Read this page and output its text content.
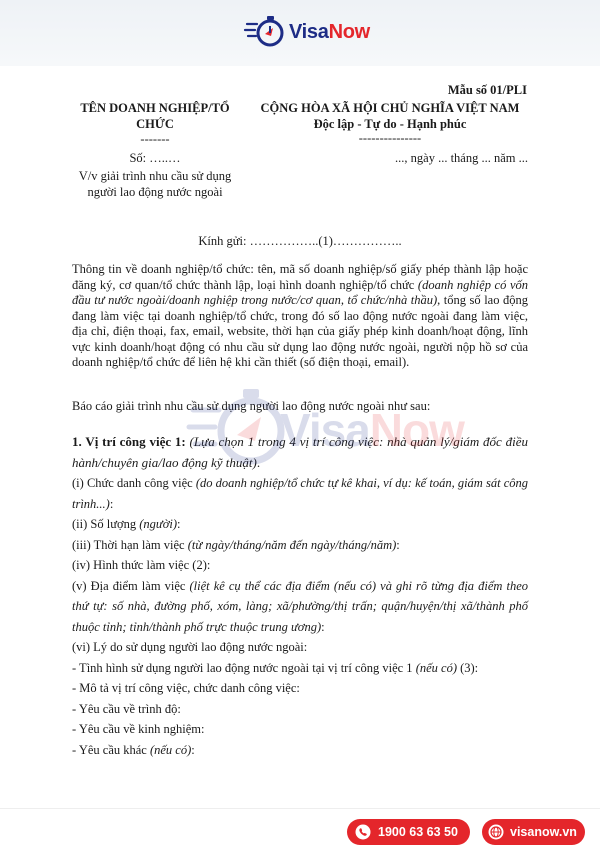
VisaNow
Mẫu số 01/PLI
TÊN DOANH NGHIỆP/TỔ CHỨC
-------
Số: …..…
V/v giải trình nhu cầu sử dụng
người lao động nước ngoài
CỘNG HÒA XÃ HỘI CHỦ NGHĨA VIỆT NAM
Độc lập - Tự do - Hạnh phúc
---------------
..., ngày ... tháng ... năm ...
Kính gửi: ……………..(1)……………..

Thông tin về doanh nghiệp/tổ chức: tên, mã số doanh nghiệp/số giấy phép thành lập hoặc đăng ký, cơ quan/tổ chức thành lập, loại hình doanh nghiệp/tổ chức (doanh nghiệp có vốn đầu tư nước ngoài/doanh nghiệp trong nước/cơ quan, tổ chức/nhà thầu), tổng số lao động đang làm việc tại doanh nghiệp/tổ chức, trong đó số lao động nước ngoài đang làm việc, địa chỉ, điện thoại, fax, email, website, thời hạn của giấy phép kinh doanh/hoạt động, lĩnh vực kinh doanh/hoạt động có nhu cầu sử dụng lao động nước ngoài, người nộp hồ sơ của doanh nghiệp/tổ chức để liên hệ khi cần thiết (số điện thoại, email).

Báo cáo giải trình nhu cầu sử dụng người lao động nước ngoài như sau:

1. Vị trí công việc 1: (Lựa chọn 1 trong 4 vị trí công việc: nhà quản lý/giám đốc điều hành/chuyên gia/lao động kỹ thuật).

(i) Chức danh công việc (do doanh nghiệp/tổ chức tự kê khai, ví dụ: kế toán, giám sát công trình...):

(ii) Số lượng (người):

(iii) Thời hạn làm việc (từ ngày/tháng/năm đến ngày/tháng/năm):

(iv) Hình thức làm việc (2):

(v) Địa điểm làm việc (liệt kê cụ thể các địa điểm (nếu có) và ghi rõ từng địa điểm theo thứ tự: số nhà, đường phố, xóm, làng; xã/phường/thị trấn; quận/huyện/thị xã/thành phố thuộc tỉnh; tỉnh/thành phố trực thuộc trung ương):

(vi) Lý do sử dụng người lao động nước ngoài:

- Tình hình sử dụng người lao động nước ngoài tại vị trí công việc 1 (nếu có) (3):

- Mô tả vị trí công việc, chức danh công việc:

- Yêu cầu về trình độ:

- Yêu cầu về kinh nghiệm:

- Yêu cầu khác (nếu có):

VisaNow
1900 63 63 50	visanow.vn
